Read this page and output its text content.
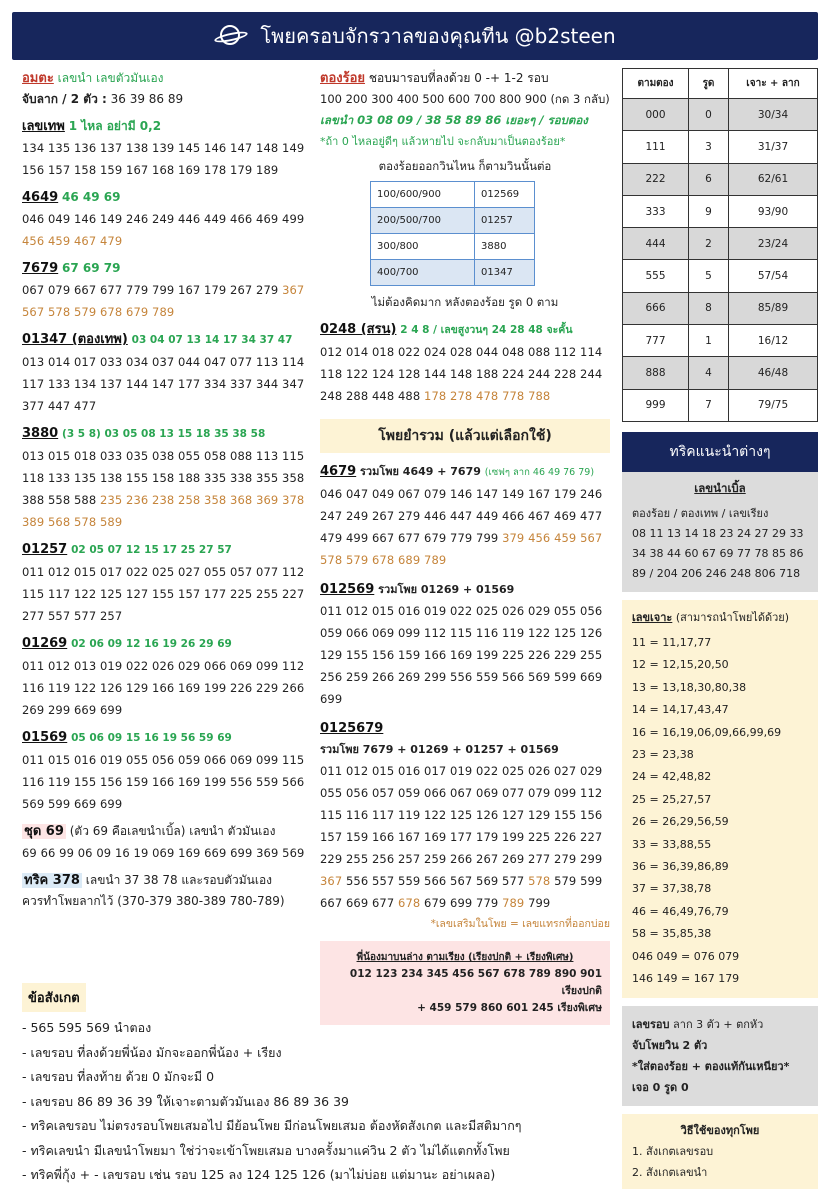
โพยครอบจักรวาลของคุณทีน @b2steen
อมตะ เลขนำ เลขตัวมันเอง
จับลาก / 2 ตัว : 36 39 86 89
เลขเทพ 1 ไหล อย่ามี 0,2
134 135 136 137 138 139 145 146 147 148 149 156 157 158 159 167 168 169 178 179 189
4649 46 49 69
046 049 146 149 246 249 446 449 466 469 499 456 459 467 479
7679 67 69 79
067 079 667 677 779 799 167 179 267 279 367 567 578 579 678 679 789
01347 (ตองเทพ) 03 04 07 13 14 17 34 37 47
013 014 017 033 034 037 044 047 077 113 114 117 133 134 137 144 147 177 334 337 344 347 377 447 477
3880 (3 5 8) 03 05 08 13 15 18 35 38 58
013 015 018 033 035 038 055 058 088 113 115 118 133 135 138 155 158 188 335 338 355 358 388 558 588 235 236 238 258 358 368 369 378 389 568 578 589
01257 02 05 07 12 15 17 25 27 57
011 012 015 017 022 025 027 055 057 077 112 115 117 122 125 127 155 157 177 225 255 227 277 557 577 257
01269 02 06 09 12 16 19 26 29 69
011 012 013 019 022 026 029 066 069 099 112 116 119 122 126 129 166 169 199 226 229 266 269 299 669 699
01569 05 06 09 15 16 19 56 59 69
011 015 016 019 055 056 059 066 069 099 115 116 119 155 156 159 166 169 199 556 559 566 569 599 669 699
ชุด 69 (ตัว 69 คือเลขนำเบิ้ล) เลขนำ ตัวมันเอง
69 66 99 06 09 16 19 069 169 669 699 369 569
ทริค 378 เลขนำ 37 38 78 และรอบตัวมันเอง
ควรทำโพยลากไว้ (370-379 380-389 780-789)
ตองร้อย ชอบมารอบที่ลงด้วย 0 -+ 1-2 รอบ
100 200 300 400 500 600 700 800 900 (กด 3 กลับ)
เลขนำ 03 08 09 / 38 58 89 86 เยอะๆ / รอบตอง
*ถ้า 0 ไหลอยู่ดีๆ แล้วหายไป จะกลับมาเป็นตองร้อย*
ตองร้อยออกวินไหน ก็ตามวินนั้นต่อ
100/600/900	012569
200/500/700	01257
300/800	3880
400/700	01347
ไม่ต้องคิดมาก หลังตองร้อย รูด 0 ตาม
0248 (สรน) 2 4 8 / เลขสูงวนๆ 24 28 48 จะคั้น
012 014 018 022 024 028 044 048 088 112 114 118 122 124 128 144 148 188 224 244 228 244 248 288 448 488 178 278 478 778 788
โพยยำรวม (แล้วแต่เลือกใช้)
4679 รวมโพย 4649 + 7679 (เซฟๆ ลาก 46 49 76 79)
046 047 049 067 079 146 147 149 167 179 246 247 249 267 279 446 447 449 466 467 469 477 479 499 667 677 679 779 799 379 456 459 567 578 579 678 689 789
012569 รวมโพย 01269 + 01569
011 012 015 016 019 022 025 026 029 055 056 059 066 069 099 112 115 116 119 122 125 126 129 155 156 159 166 169 199 225 226 229 255 256 259 266 269 299 556 559 566 569 599 669 699
0125679
รวมโพย 7679 + 01269 + 01257 + 01569
011 012 015 016 017 019 022 025 026 027 029 055 056 057 059 066 067 069 077 079 099 112 115 116 117 119 122 125 126 127 129 155 156 157 159 166 167 169 177 179 199 225 226 227 229 255 256 257 259 266 267 269 277 279 299 367 556 557 559 566 567 569 577 578 579 599 667 669 677 678 679 699 779 789 799
*เลขเสริมในโพย = เลขแทรกที่ออกบ่อย
พี่น้องมาบนล่าง ตามเรียง (เรียงปกติ + เรียงพิเศษ)
012 123 234 345 456 567 678 789 890 901 เรียงปกติ
+ 459 579 860 601 245 เรียงพิเศษ
ข้อสังเกต
- 565 595 569 นำตอง
- เลขรอบ ที่ลงด้วยพี่น้อง มักจะออกพี่น้อง + เรียง
- เลขรอบ ที่ลงท้าย ด้วย 0 มักจะมี 0
- เลขรอบ 86 89 36 39 ให้เจาะตามตัวมันเอง 86 89 36 39
- ทริคเลขรอบ ไม่ตรงรอบโพยเสมอไป มีย้อนโพย มีก่อนโพยเสมอ ต้องหัดสังเกต และมีสติมากๆ
- ทริคเลขนำ มีเลขนำโพยมา ใช่ว่าจะเข้าโพยเสมอ บางครั้งมาแค่วิน 2 ตัว ไม่ได้แตกทั้งโพย
- ทริคพี่กุ้ง + - เลขรอบ เช่น รอบ 125 ลง 124 125 126 (มาไม่บ่อย แต่มานะ อย่าเผลอ)
ตามตอง	รูด	เจาะ + ลาก
000	0	30/34
111	3	31/37
222	6	62/61
333	9	93/90
444	2	23/24
555	5	57/54
666	8	85/89
777	1	16/12
888	4	46/48
999	7	79/75
ทริคแนะนำต่างๆ
เลขนำเบิ้ล
ตองร้อย / ตองเทพ / เลขเรียง
08 11 13 14 18 23 24 27 29 33 34 38 44 60 67 69 77 78 85 86 89 / 204 206 246 248 806 718
เลขเจาะ (สามารถนำโพยได้ด้วย)
11 = 11,17,77
12 = 12,15,20,50
13 = 13,18,30,80,38
14 = 14,17,43,47
16 = 16,19,06,09,66,99,69
23 = 23,38
24 = 42,48,82
25 = 25,27,57
26 = 26,29,56,59
33 = 33,88,55
36 = 36,39,86,89
37 = 37,38,78
46 = 46,49,76,79
58 = 35,85,38
046 049 = 076 079
146 149 = 167 179
เลขรอบ ลาก 3 ตัว + ตกหัว
จับโพยวิน 2 ตัว
*ใส่ตองร้อย + ตองแท้กันเหนียว*
เจอ 0 รูด 0
วิธีใช้ของทุกโพย
1. สังเกตเลขรอบ
2. สังเกตเลขนำ
